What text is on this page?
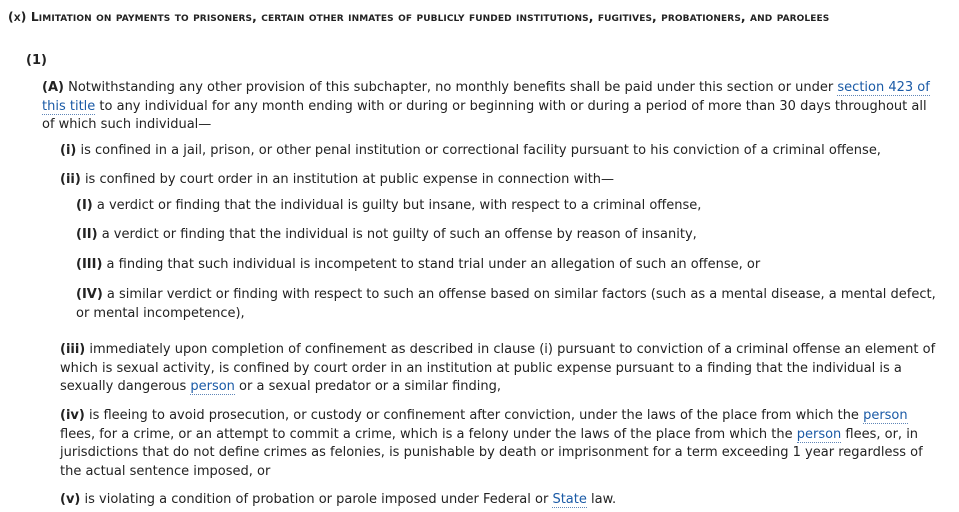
(x) Limitation on payments to prisoners, certain other inmates of publicly funded institutions, fugitives, probationers, and parolees
(1)
(A) Notwithstanding any other provision of this subchapter, no monthly benefits shall be paid under this section or under section 423 of this title to any individual for any month ending with or during or beginning with or during a period of more than 30 days throughout all of which such individual—
(i) is confined in a jail, prison, or other penal institution or correctional facility pursuant to his conviction of a criminal offense,
(ii) is confined by court order in an institution at public expense in connection with—
(I) a verdict or finding that the individual is guilty but insane, with respect to a criminal offense,
(II) a verdict or finding that the individual is not guilty of such an offense by reason of insanity,
(III) a finding that such individual is incompetent to stand trial under an allegation of such an offense, or
(IV) a similar verdict or finding with respect to such an offense based on similar factors (such as a mental disease, a mental defect, or mental incompetence),
(iii) immediately upon completion of confinement as described in clause (i) pursuant to conviction of a criminal offense an element of which is sexual activity, is confined by court order in an institution at public expense pursuant to a finding that the individual is a sexually dangerous person or a sexual predator or a similar finding,
(iv) is fleeing to avoid prosecution, or custody or confinement after conviction, under the laws of the place from which the person flees, for a crime, or an attempt to commit a crime, which is a felony under the laws of the place from which the person flees, or, in jurisdictions that do not define crimes as felonies, is punishable by death or imprisonment for a term exceeding 1 year regardless of the actual sentence imposed, or
(v) is violating a condition of probation or parole imposed under Federal or State law.
